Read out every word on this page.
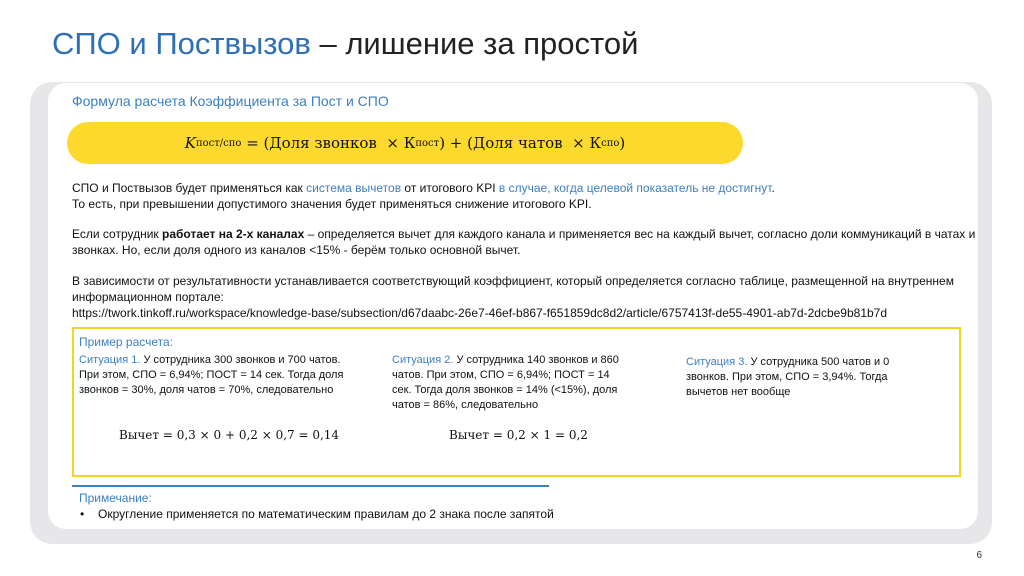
СПО и Поствызов – лишение за простой
Формула расчета Коэффициента за Пост и СПО
K пост/спо = (Доля звонков  × К пост ) + (Доля чатов  × К спо )
СПО и Поствызов будет применяться как система вычетов от итогового KPI в случае, когда целевой показатель не достигнут.
То есть, при превышении допустимого значения будет применяться снижение итогового KPI.
Если сотрудник работает на 2-х каналах – определяется вычет для каждого канала и применяется вес на каждый вычет, согласно доли коммуникаций в чатах и звонках. Но, если доля одного из каналов <15% - берём только основной вычет.
В зависимости от результативности устанавливается соответствующий коэффициент, который определяется согласно таблице, размещенной на внутреннем информационном портале:
https://twork.tinkoff.ru/workspace/knowledge-base/subsection/d67daabc-26e7-46ef-b867-f651859dc8d2/article/6757413f-de55-4901-ab7d-2dcbe9b81b7d
Пример расчета:
Ситуация 1. У сотрудника 300 звонков и 700 чатов. При этом, СПО = 6,94%; ПОСТ = 14 сек. Тогда доля звонков = 30%, доля чатов = 70%, следовательно
Вычет = 0,3 × 0 + 0,2 × 0,7 = 0,14
Ситуация 2. У сотрудника 140 звонков и 860 чатов. При этом, СПО = 6,94%; ПОСТ = 14 сек. Тогда доля звонков = 14% (<15%), доля чатов = 86%, следовательно
Вычет = 0,2 × 1 = 0,2
Ситуация 3. У сотрудника 500 чатов и 0 звонков. При этом, СПО = 3,94%. Тогда вычетов нет вообще
Примечание:
• Округление применяется по математическим правилам до 2 знака после запятой
6
